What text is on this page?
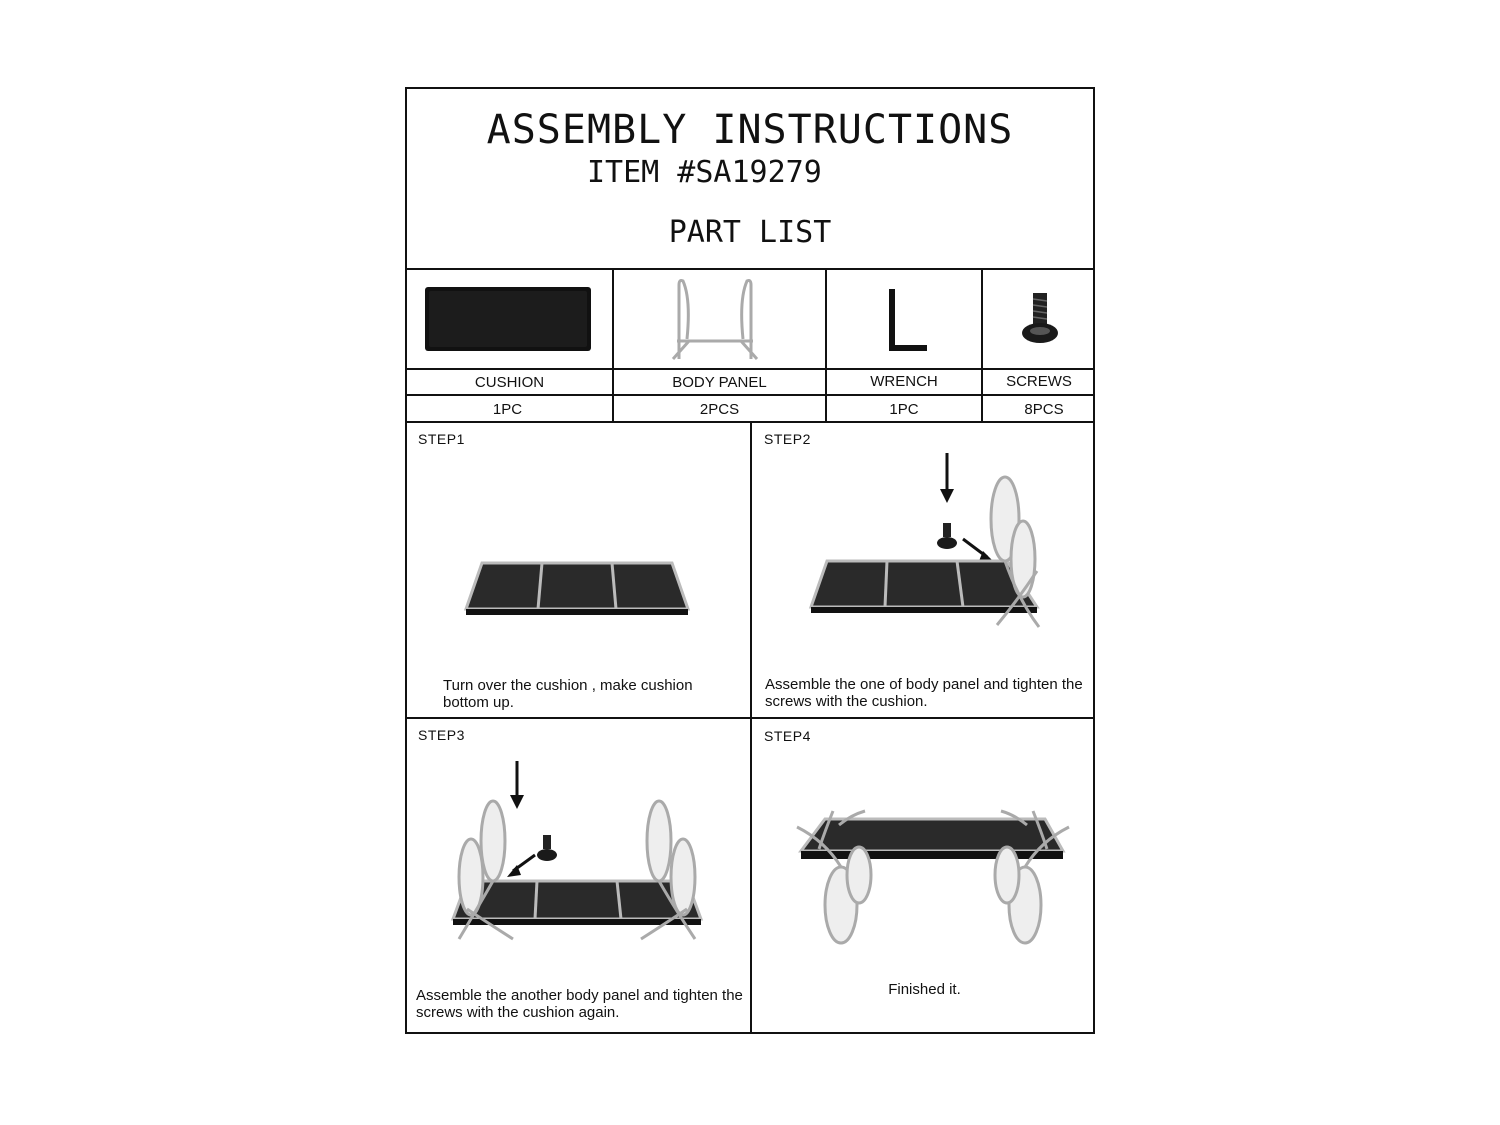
ASSEMBLY INSTRUCTIONS
ITEM #SA19279
PART LIST
CUSHION	BODY PANEL	WRENCH	SCREWS
1PC	2PCS	1PC	8PCS
STEP1	STEP2
STEP3	STEP4
Turn over the cushion , make cushion bottom up.
Assemble the one of body panel and tighten the screws with the cushion.
Assemble the another body panel and tighten the screws with the cushion again.
Finished it.
